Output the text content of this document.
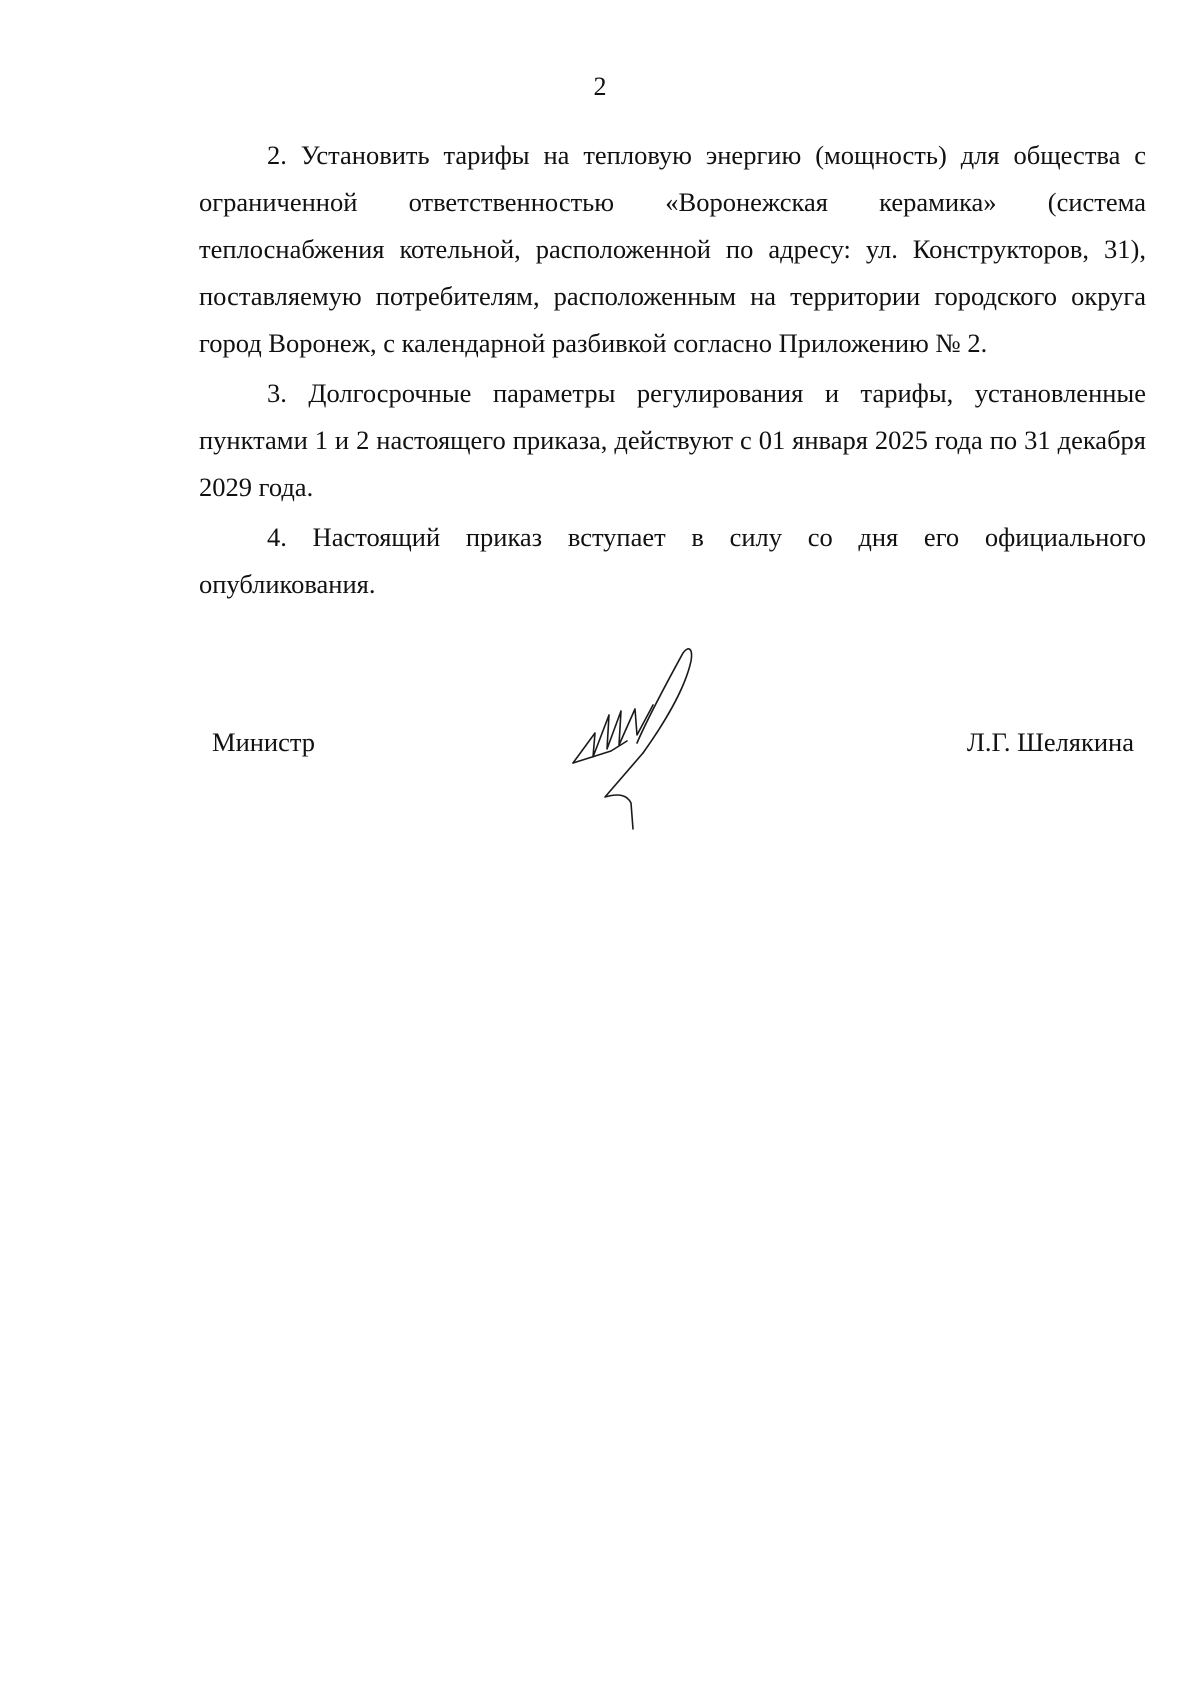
2

2. Установить тарифы на тепловую энергию (мощность) для общества с ограниченной ответственностью «Воронежская керамика» (система теплоснабжения котельной, расположенной по адресу: ул. Конструкторов, 31), поставляемую потребителям, расположенным на территории городского округа город Воронеж, с календарной разбивкой согласно Приложению № 2.

3. Долгосрочные параметры регулирования и тарифы, установленные пунктами 1 и 2 настоящего приказа, действуют с 01 января 2025 года по 31 декабря 2029 года.

4. Настоящий приказ вступает в силу со дня его официального опубликования.

Министр	Л.Г. Шелякина
